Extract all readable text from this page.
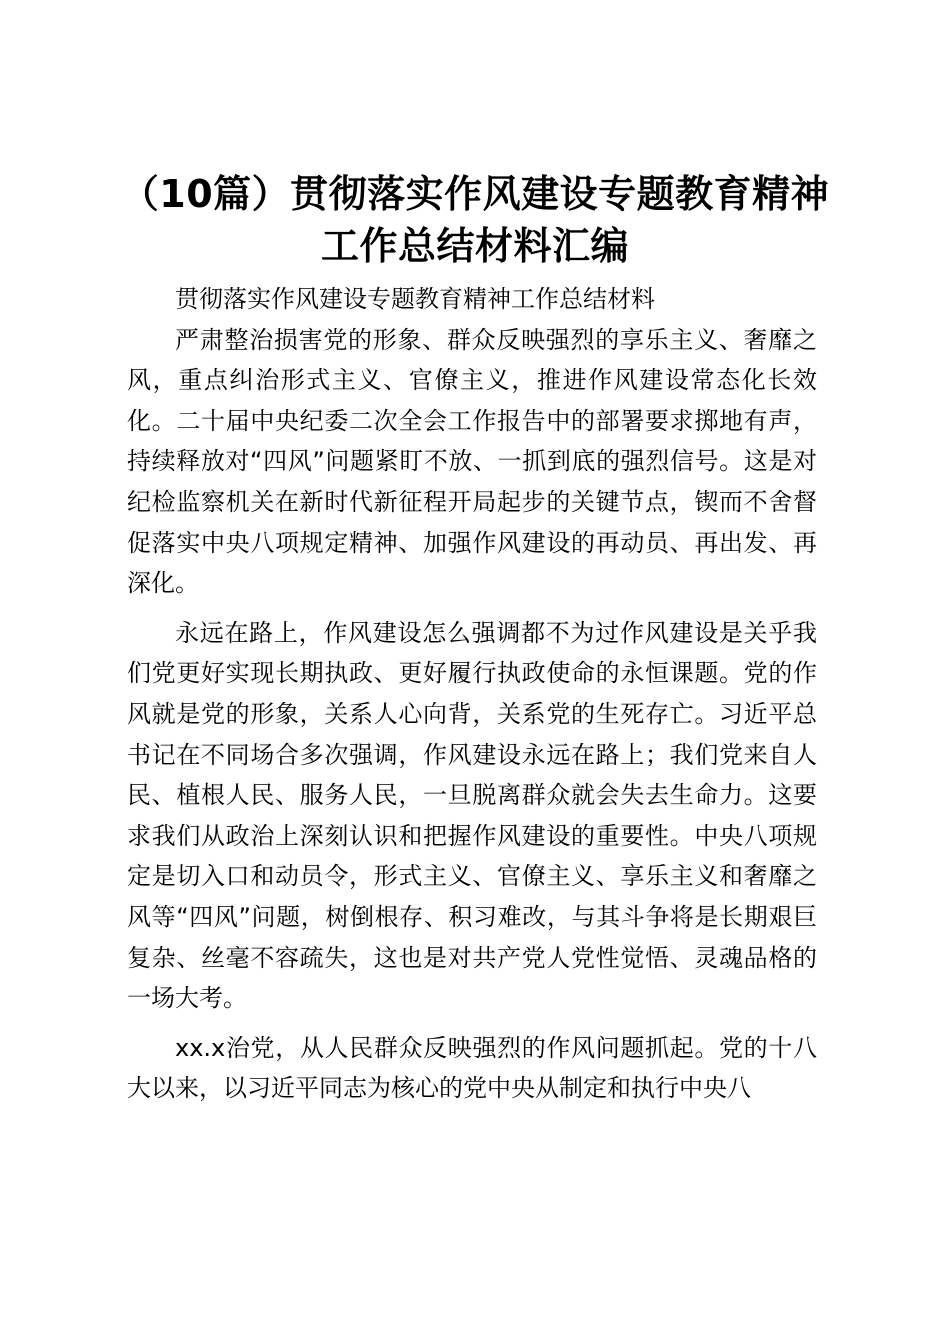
（10篇）贯彻落实作风建设专题教育精神工作总结材料汇编

贯彻落实作风建设专题教育精神工作总结材料

严肃整治损害党的形象、群众反映强烈的享乐主义、奢靡之风，重点纠治形式主义、官僚主义，推进作风建设常态化长效化。二十届中央纪委二次全会工作报告中的部署要求掷地有声，持续释放对“四风”问题紧盯不放、一抓到底的强烈信号。这是对纪检监察机关在新时代新征程开局起步的关键节点，锲而不舍督促落实中央八项规定精神、加强作风建设的再动员、再出发、再深化。

永远在路上，作风建设怎么强调都不为过作风建设是关乎我们党更好实现长期执政、更好履行执政使命的永恒课题。党的作风就是党的形象，关系人心向背，关系党的生死存亡。习近平总书记在不同场合多次强调，作风建设永远在路上；我们党来自人民、植根人民、服务人民，一旦脱离群众就会失去生命力。这要求我们从政治上深刻认识和把握作风建设的重要性。中央八项规定是切入口和动员令，形式主义、官僚主义、享乐主义和奢靡之风等“四风”问题，树倒根存、积习难改，与其斗争将是长期艰巨复杂、丝毫不容疏失，这也是对共产党人党性觉悟、灵魂品格的一场大考。

xx.x治党，从人民群众反映强烈的作风问题抓起。党的十八大以来，以习近平同志为核心的党中央从制定和执行中央八
